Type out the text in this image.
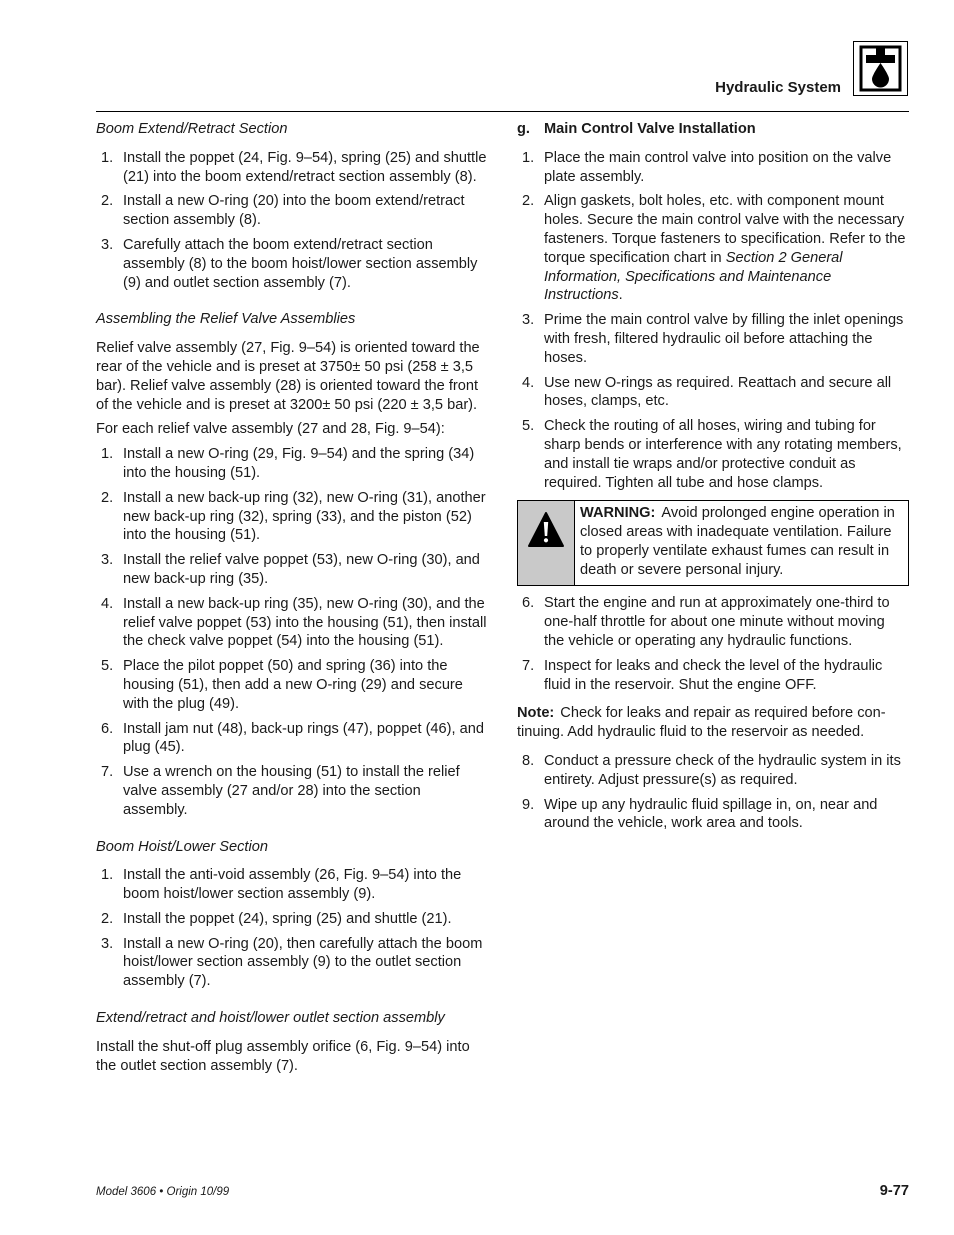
Hydraulic System
Boom Extend/Retract Section
1. Install the poppet (24, Fig. 9–54), spring (25) and shuttle (21) into the boom extend/retract section assembly (8).
2. Install a new O-ring (20) into the boom extend/retract section assembly (8).
3. Carefully attach the boom extend/retract section assembly (8) to the boom hoist/lower section assembly (9) and outlet section assembly (7).
Assembling the Relief Valve Assemblies

Relief valve assembly (27, Fig. 9–54) is oriented toward the rear of the vehicle and is preset at 3750± 50 psi (258 ± 3,5 bar). Relief valve assembly (28) is oriented toward the front of the vehicle and is preset at 3200± 50 psi (220 ± 3,5 bar).

For each relief valve assembly (27 and 28, Fig. 9–54):

1. Install a new O-ring (29, Fig. 9–54) and the spring (34) into the housing (51).
2. Install a new back-up ring (32), new O-ring (31), another new back-up ring (32), spring (33), and the piston (52) into the housing (51).
3. Install the relief valve poppet (53), new O-ring (30), and new back-up ring (35).
4. Install a new back-up ring (35), new O-ring (30), and the relief valve poppet (53) into the housing (51), then install the check valve poppet (54) into the housing (51).
5. Place the pilot poppet (50) and spring (36) into the housing (51), then add a new O-ring (29) and secure with the plug (49).
6. Install jam nut (48), back-up rings (47), poppet (46), and plug (45).
7. Use a wrench on the housing (51) to install the relief valve assembly (27 and/or 28) into the section assembly.
Boom Hoist/Lower Section
1. Install the anti-void assembly (26, Fig. 9–54) into the boom hoist/lower section assembly (9).
2. Install the poppet (24), spring (25) and shuttle (21).
3. Install a new O-ring (20), then carefully attach the boom hoist/lower section assembly (9) to the outlet section assembly (7).
Extend/retract and hoist/lower outlet section assembly

Install the shut-off plug assembly orifice (6, Fig. 9–54) into the outlet section assembly (7).

g. Main Control Valve Installation
1. Place the main control valve into position on the valve plate assembly.
2. Align gaskets, bolt holes, etc. with component mount holes. Secure the main control valve with the necessary fasteners. Torque fasteners to specification. Refer to the torque specification chart in Section 2 General Information, Specifications and Maintenance Instructions.
3. Prime the main control valve by filling the inlet openings with fresh, filtered hydraulic oil before attaching the hoses.
4. Use new O-rings as required. Reattach and secure all hoses, clamps, etc.
5. Check the routing of all hoses, wiring and tubing for sharp bends or interference with any rotating members, and install tie wraps and/or protective conduit as required. Tighten all tube and hose clamps.
WARNING: Avoid prolonged engine operation in closed areas with inadequate ventilation. Failure to properly ventilate exhaust fumes can result in death or severe personal injury.
6. Start the engine and run at approximately one-third to one-half throttle for about one minute without moving the vehicle or operating any hydraulic functions.
7. Inspect for leaks and check the level of the hydraulic fluid in the reservoir. Shut the engine OFF.

Note: Check for leaks and repair as required before con-tinuing. Add hydraulic fluid to the reservoir as needed.

8. Conduct a pressure check of the hydraulic system in its entirety. Adjust pressure(s) as required.
9. Wipe up any hydraulic fluid spillage in, on, near and around the vehicle, work area and tools.
Model 3606 • Origin 10/99	9-77
